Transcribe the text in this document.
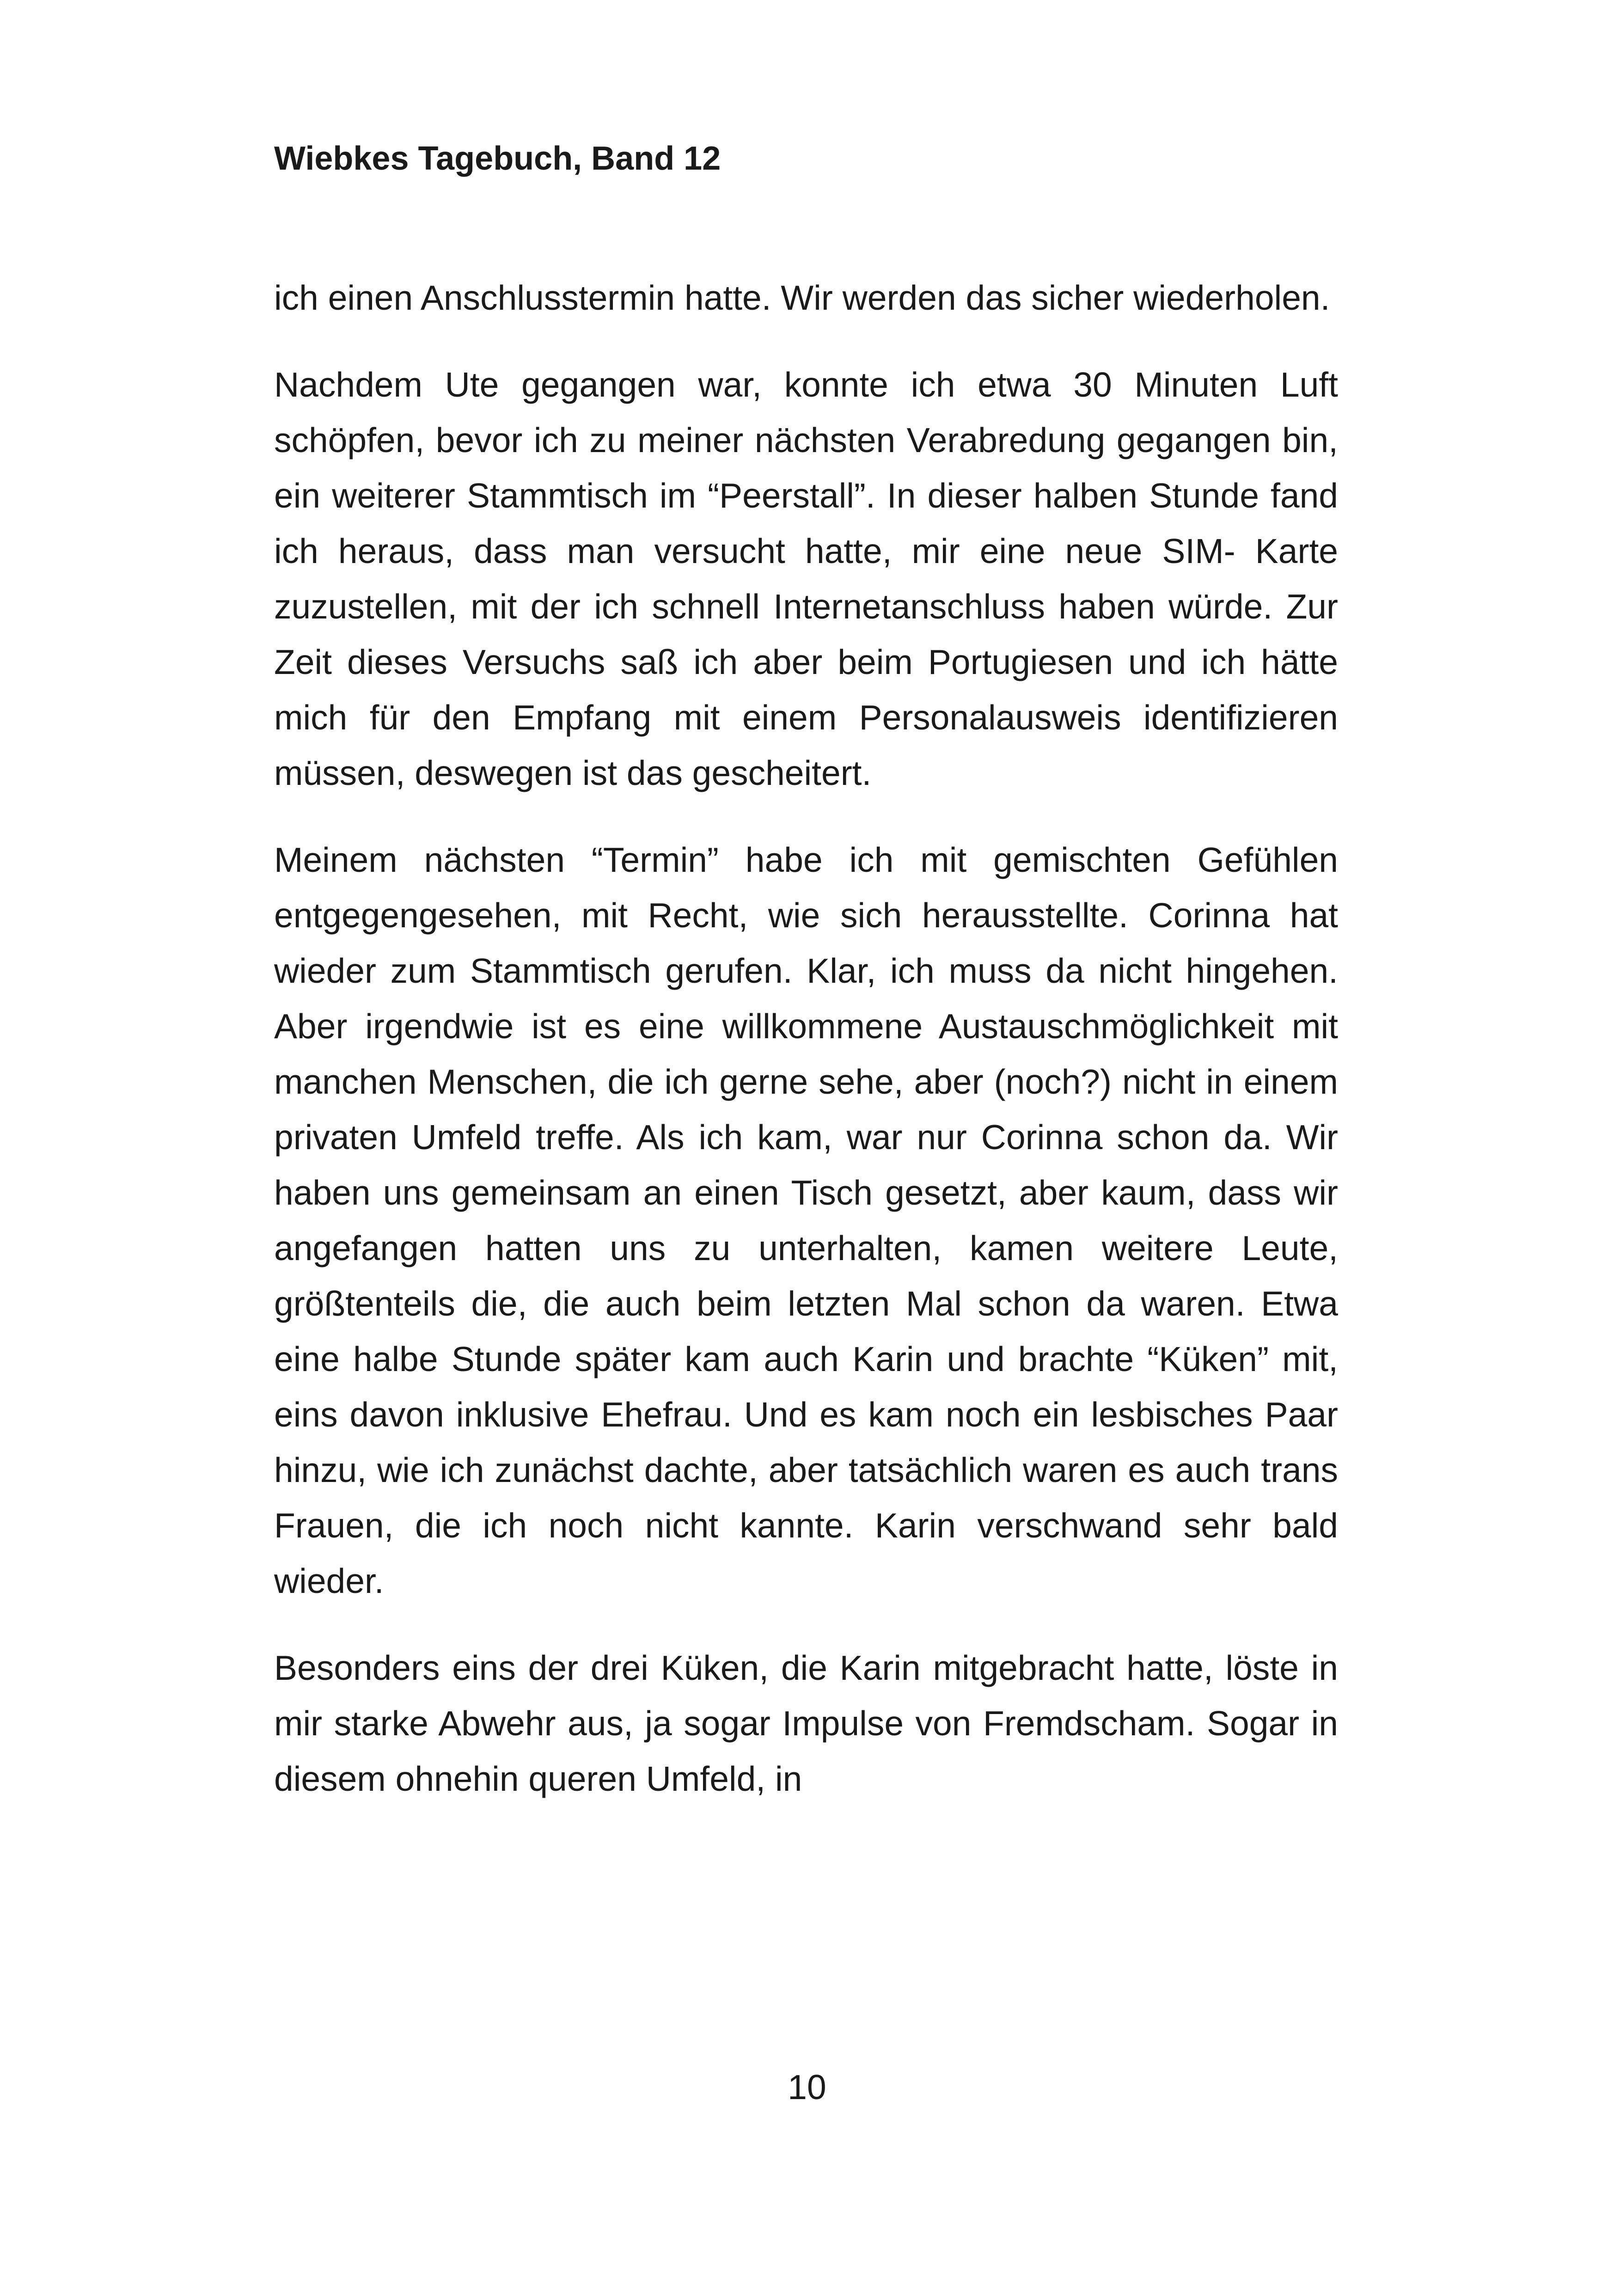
Wiebkes Tagebuch, Band 12

ich einen Anschlusstermin hatte. Wir werden das sicher wiederholen.

Nachdem Ute gegangen war, konnte ich etwa 30 Minuten Luft schöpfen, bevor ich zu meiner nächsten Verabredung gegangen bin, ein weiterer Stammtisch im “Peerstall”. In dieser halben Stunde fand ich heraus, dass man versucht hatte, mir eine neue SIM- Karte zuzustellen, mit der ich schnell Internetanschluss haben würde. Zur Zeit dieses Versuchs saß ich aber beim Portugiesen und ich hätte mich für den Empfang mit einem Personalausweis identifizieren müssen, deswegen ist das gescheitert.

Meinem nächsten “Termin” habe ich mit gemischten Gefühlen entgegengesehen, mit Recht, wie sich herausstellte. Corinna hat wieder zum Stammtisch gerufen. Klar, ich muss da nicht hingehen. Aber irgendwie ist es eine willkommene Austauschmöglichkeit mit manchen Menschen, die ich gerne sehe, aber (noch?) nicht in einem privaten Umfeld treffe. Als ich kam, war nur Corinna schon da. Wir haben uns gemeinsam an einen Tisch gesetzt, aber kaum, dass wir angefangen hatten uns zu unterhalten, kamen weitere Leute, größtenteils die, die auch beim letzten Mal schon da waren. Etwa eine halbe Stunde später kam auch Karin und brachte “Küken” mit, eins davon inklusive Ehefrau. Und es kam noch ein lesbisches Paar hinzu, wie ich zunächst dachte, aber tatsächlich waren es auch trans Frauen, die ich noch nicht kannte. Karin verschwand sehr bald wieder.

Besonders eins der drei Küken, die Karin mitgebracht hatte, löste in mir starke Abwehr aus, ja sogar Impulse von Fremdscham. Sogar in diesem ohnehin queren Umfeld, in

10
